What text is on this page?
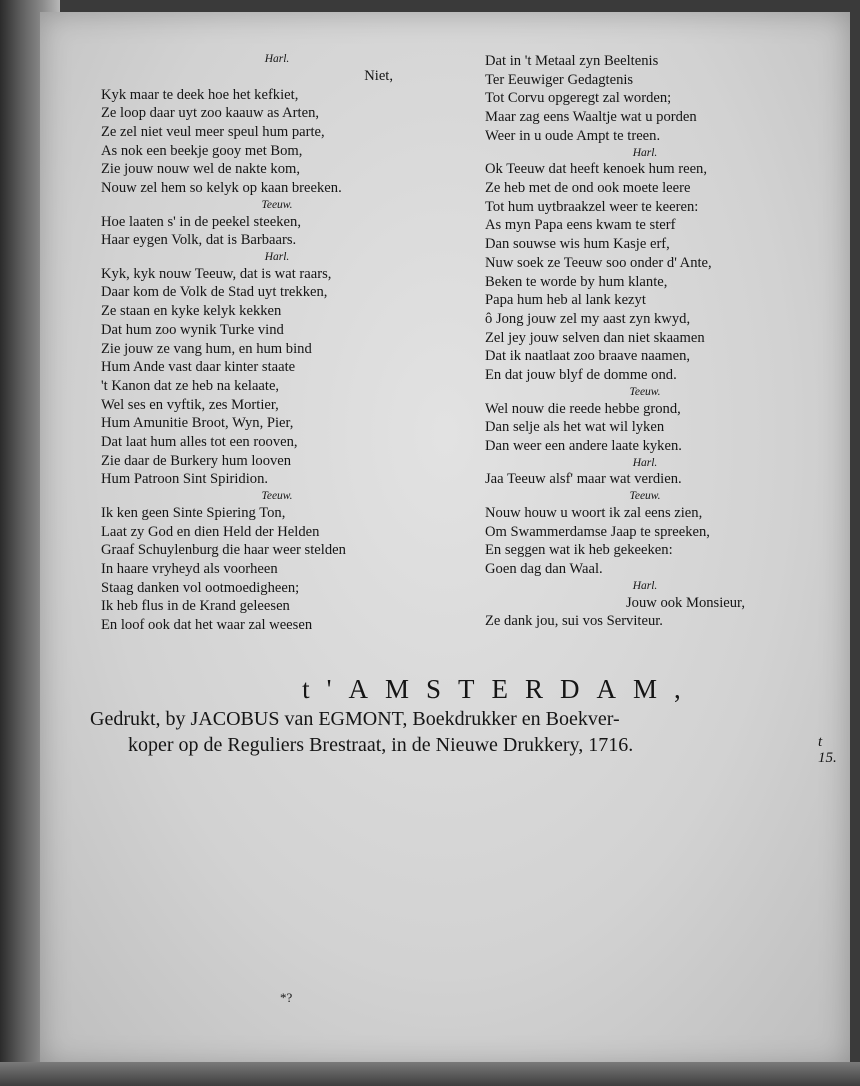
Harl.
Niet,
Kyk maar te deek hoe het kefkiet,
Ze loop daar uyt zoo kaauw as Arten,
Ze zel niet veul meer speul hum parte,
As nok een beekje gooy met Bom,
Zie jouw nouw wel de nakte kom,
Nouw zel hem so kelyk op kaan breeken.
Teeuw.
Hoe laaten s' in de peekel steeken,
Haar eygen Volk, dat is Barbaars.
Harl.
Kyk, kyk nouw Teeuw, dat is wat raars,
Daar kom de Volk de Stad uyt trekken,
Ze staan en kyke kelyk kekken
Dat hum zoo wynik Turke vind
Zie jouw ze vang hum, en hum bind
Hum Ande vast daar kinter staate
't Kanon dat ze heb na kelaate,
Wel ses en vyftik, zes Mortier,
Hum Amunitie Broot, Wyn, Pier,
Dat laat hum alles tot een rooven,
Zie daar de Burkery hum looven
Hum Patroon Sint Spiridion.
Teeuw.
Ik ken geen Sinte Spiering Ton,
Laat zy God en dien Held der Helden
Graaf Schuylenburg die haar weer stelden
In haare vryheyd als voorheen
Staag danken vol ootmoedigheen;
Ik heb flus in de Krand geleesen
En loof ook dat het waar zal weesen
Dat in 't Metaal zyn Beeltenis
Ter Eeuwiger Gedagtenis
Tot Corvu opgeregt zal worden;
Maar zag eens Waaltje wat u porden
Weer in u oude Ampt te treen.
Harl.
Ok Teeuw dat heeft kenoek hum reen,
Ze heb met de ond ook moete leere
Tot hum uytbraakzel weer te keeren:
As myn Papa eens kwam te sterf
Dan souwse wis hum Kasje erf,
Nuw soek ze Teeuw soo onder d' Ante,
Beken te worde by hum klante,
Papa hum heb al lank kezyt
ô Jong jouw zel my aast zyn kwyd,
Zel jey jouw selven dan niet skaamen
Dat ik naatlaat zoo braave naamen,
En dat jouw blyf de domme ond.
Teeuw.
Wel nouw die reede hebbe grond,
Dan selje als het wat wil lyken
Dan weer een andere laate kyken.
Harl.
Jaa Teeuw alsf' maar wat verdien.
Teeuw.
Nouw houw u woort ik zal eens zien,
Om Swammerdamse Jaap te spreeken,
En seggen wat ik heb gekeeken:
Goen dag dan Waal.
Harl.
Jouw ook Monsieur,
Ze dank jou, sui vos Serviteur.
t'AMSTERDAM,
Gedrukt, by JACOBUS van EGMONT, Boekdrukker en Boekver-
koper op de Reguliers Brestraat, in de Nieuwe Drukkery, 1716.	t
15.
*?
